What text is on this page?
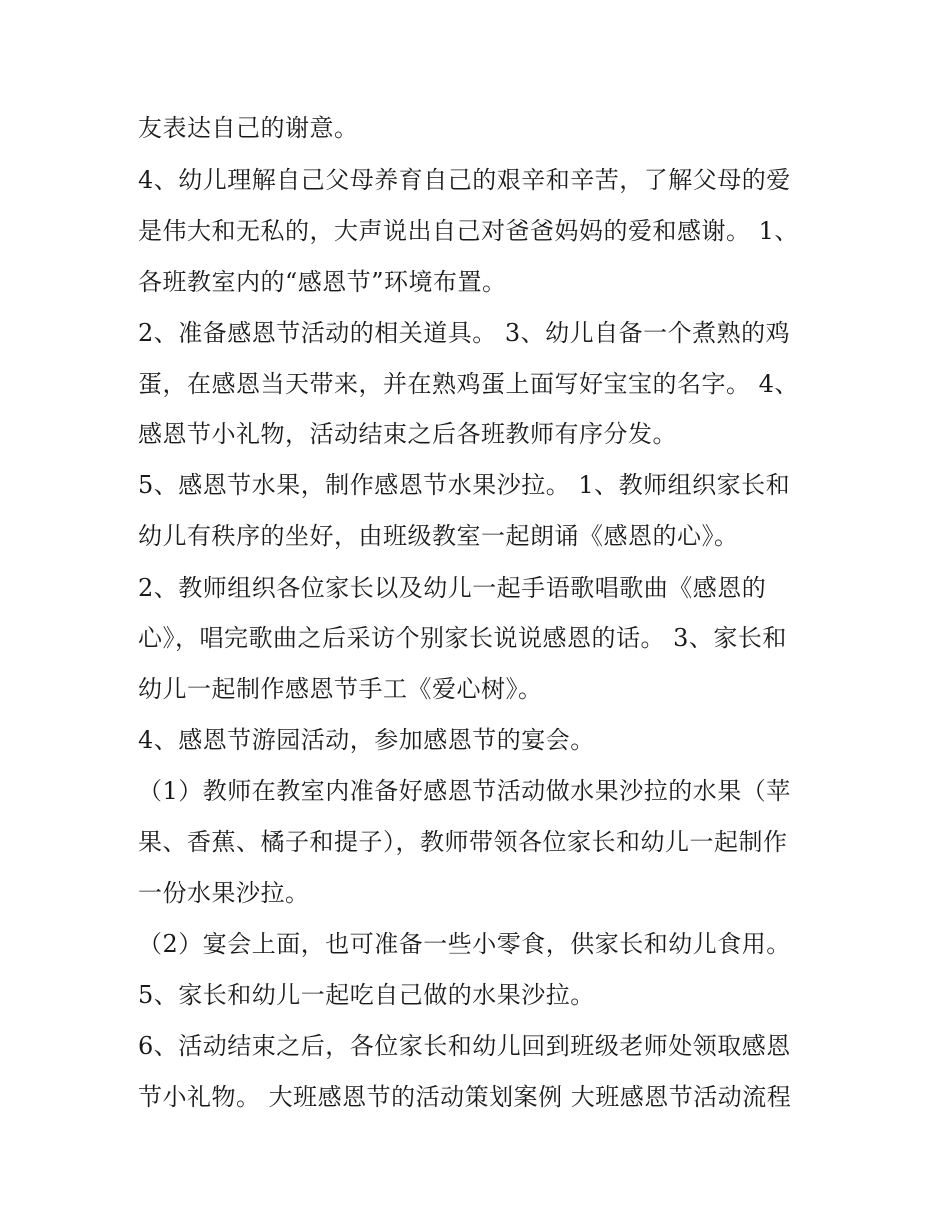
友表达自己的谢意。
4、幼儿理解自己父母养育自己的艰辛和辛苦，了解父母的爱
是伟大和无私的，大声说出自己对爸爸妈妈的爱和感谢。 1、
各班教室内的“感恩节”环境布置。
2、准备感恩节活动的相关道具。 3、幼儿自备一个煮熟的鸡
蛋，在感恩当天带来，并在熟鸡蛋上面写好宝宝的名字。 4、
感恩节小礼物，活动结束之后各班教师有序分发。
5、感恩节水果，制作感恩节水果沙拉。 1、教师组织家长和
幼儿有秩序的坐好，由班级教室一起朗诵《感恩的心》。
2、教师组织各位家长以及幼儿一起手语歌唱歌曲《感恩的
心》，唱完歌曲之后采访个别家长说说感恩的话。 3、家长和
幼儿一起制作感恩节手工《爱心树》。
4、感恩节游园活动，参加感恩节的宴会。
（1）教师在教室内准备好感恩节活动做水果沙拉的水果（苹
果、香蕉、橘子和提子），教师带领各位家长和幼儿一起制作
一份水果沙拉。
（2）宴会上面，也可准备一些小零食，供家长和幼儿食用。
5、家长和幼儿一起吃自己做的水果沙拉。
6、活动结束之后，各位家长和幼儿回到班级老师处领取感恩
节小礼物。 大班感恩节的活动策划案例 大班感恩节活动流程
